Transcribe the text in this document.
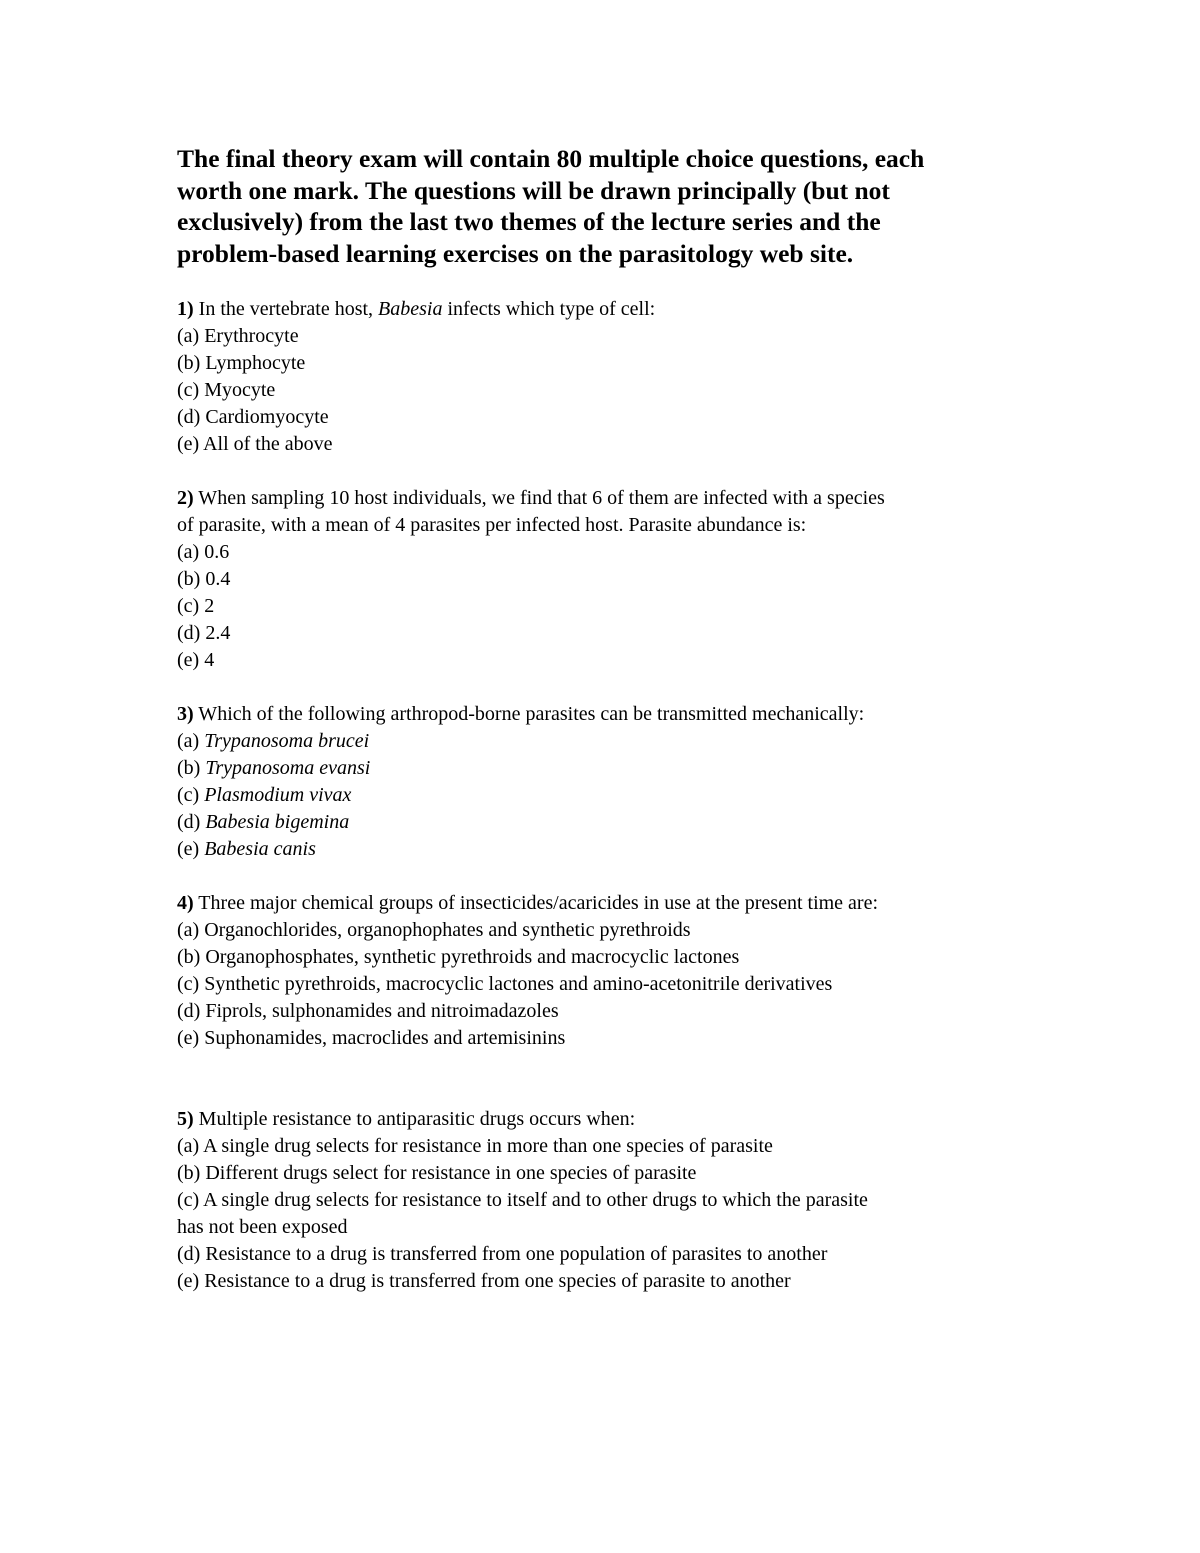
The final theory exam will contain 80 multiple choice questions, each

worth one mark. The questions will be drawn principally (but not

exclusively) from the last two themes of the lecture series and the

problem-based learning exercises on the parasitology web site.

1) In the vertebrate host, Babesia infects which type of cell:
(a) Erythrocyte
(b) Lymphocyte
(c) Myocyte
(d) Cardiomyocyte
(e) All of the above
2) When sampling 10 host individuals, we find that 6 of them are infected with a species
of parasite, with a mean of 4 parasites per infected host. Parasite abundance is:
(a) 0.6
(b) 0.4
(c) 2
(d) 2.4
(e) 4
3) Which of the following arthropod-borne parasites can be transmitted mechanically:
(a) Trypanosoma brucei
(b) Trypanosoma evansi
(c) Plasmodium vivax
(d) Babesia bigemina
(e) Babesia canis
4) Three major chemical groups of insecticides/acaricides in use at the present time are:
(a) Organochlorides, organophophates and synthetic pyrethroids
(b) Organophosphates, synthetic pyrethroids and macrocyclic lactones
(c) Synthetic pyrethroids, macrocyclic lactones and amino-acetonitrile derivatives
(d) Fiprols, sulphonamides and nitroimadazoles
(e) Suphonamides, macroclides and artemisinins
5) Multiple resistance to antiparasitic drugs occurs when:
(a) A single drug selects for resistance in more than one species of parasite
(b) Different drugs select for resistance in one species of parasite
(c) A single drug selects for resistance to itself and to other drugs to which the parasite
has not been exposed
(d) Resistance to a drug is transferred from one population of parasites to another
(e) Resistance to a drug is transferred from one species of parasite to another
